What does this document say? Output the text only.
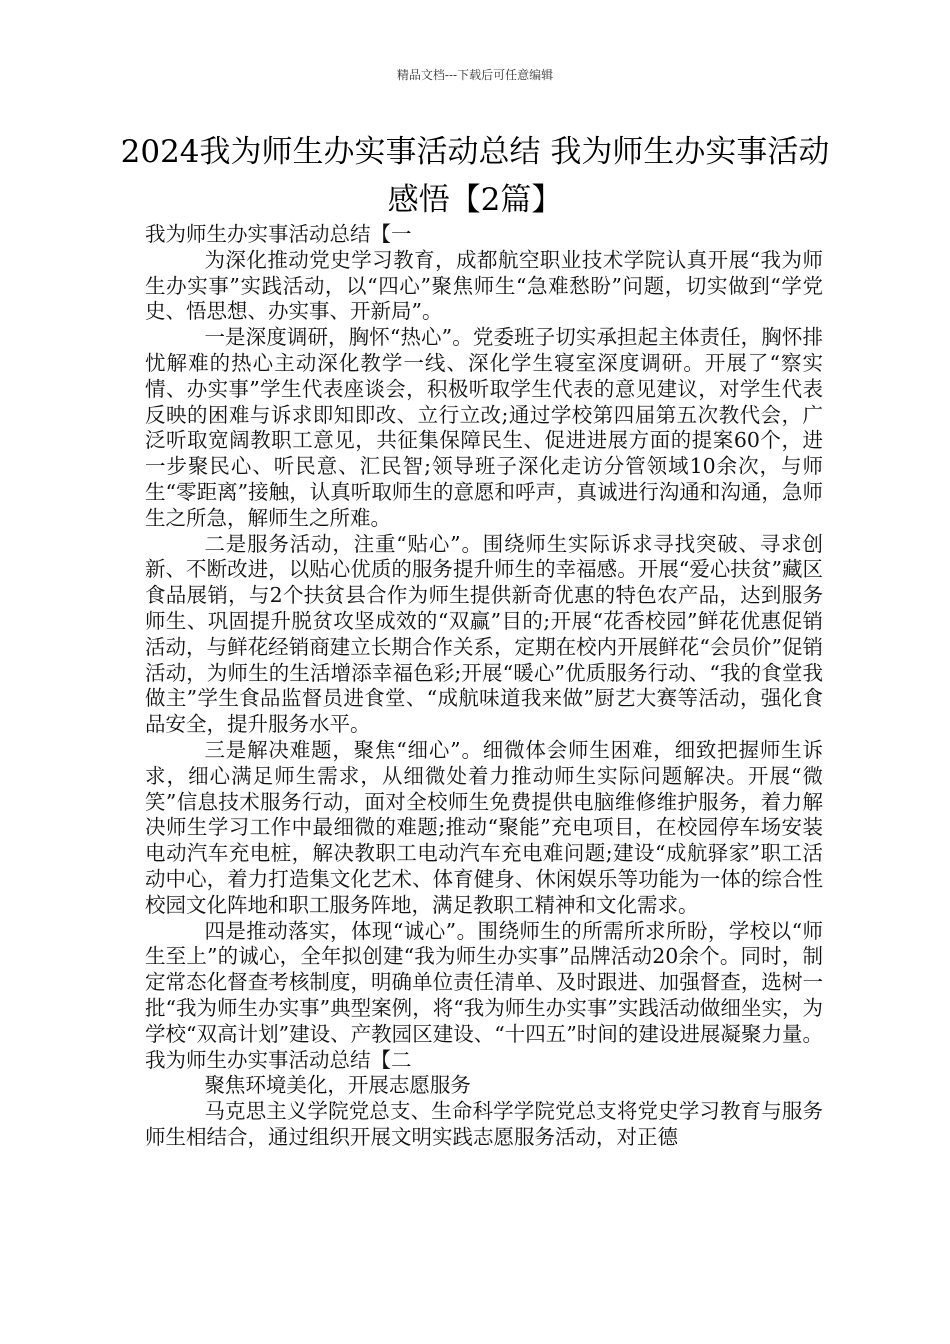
精品文档---下载后可任意编辑
2024我为师生办实事活动总结 我为师生办实事活动感悟【2篇】

我为师生办实事活动总结【一

为深化推动党史学习教育，成都航空职业技术学院认真开展“我为师生办实事”实践活动，以“四心”聚焦师生“急难愁盼”问题，切实做到“学党史、悟思想、办实事、开新局”。

一是深度调研，胸怀“热心”。党委班子切实承担起主体责任，胸怀排忧解难的热心主动深化教学一线、深化学生寝室深度调研。开展了“察实情、办实事”学生代表座谈会，积极听取学生代表的意见建议，对学生代表反映的困难与诉求即知即改、立行立改;通过学校第四届第五次教代会，广泛听取宽阔教职工意见，共征集保障民生、促进进展方面的提案60个，进一步聚民心、听民意、汇民智;领导班子深化走访分管领域10余次，与师生“零距离”接触，认真听取师生的意愿和呼声，真诚进行沟通和沟通，急师生之所急，解师生之所难。

二是服务活动，注重“贴心”。围绕师生实际诉求寻找突破、寻求创新、不断改进，以贴心优质的服务提升师生的幸福感。开展“爱心扶贫”藏区食品展销，与2个扶贫县合作为师生提供新奇优惠的特色农产品，达到服务师生、巩固提升脱贫攻坚成效的“双赢”目的;开展“花香校园”鲜花优惠促销活动，与鲜花经销商建立长期合作关系，定期在校内开展鲜花“会员价”促销活动，为师生的生活增添幸福色彩;开展“暖心”优质服务行动、“我的食堂我做主”学生食品监督员进食堂、“成航味道我来做”厨艺大赛等活动，强化食品安全，提升服务水平。

三是解决难题，聚焦“细心”。细微体会师生困难，细致把握师生诉求，细心满足师生需求，从细微处着力推动师生实际问题解决。开展“微笑”信息技术服务行动，面对全校师生免费提供电脑维修维护服务，着力解决师生学习工作中最细微的难题;推动“聚能”充电项目，在校园停车场安装电动汽车充电桩，解决教职工电动汽车充电难问题;建设“成航驿家”职工活动中心，着力打造集文化艺术、体育健身、休闲娱乐等功能为一体的综合性校园文化阵地和职工服务阵地，满足教职工精神和文化需求。

四是推动落实，体现“诚心”。围绕师生的所需所求所盼，学校以“师生至上”的诚心，全年拟创建“我为师生办实事”品牌活动20余个。同时，制定常态化督查考核制度，明确单位责任清单、及时跟进、加强督查，选树一批“我为师生办实事”典型案例，将“我为师生办实事”实践活动做细坐实，为学校“双高计划”建设、产教园区建设、“十四五”时间的建设进展凝聚力量。我为师生办实事活动总结【二

聚焦环境美化，开展志愿服务

马克思主义学院党总支、生命科学学院党总支将党史学习教育与服务师生相结合，通过组织开展文明实践志愿服务活动，对正德
